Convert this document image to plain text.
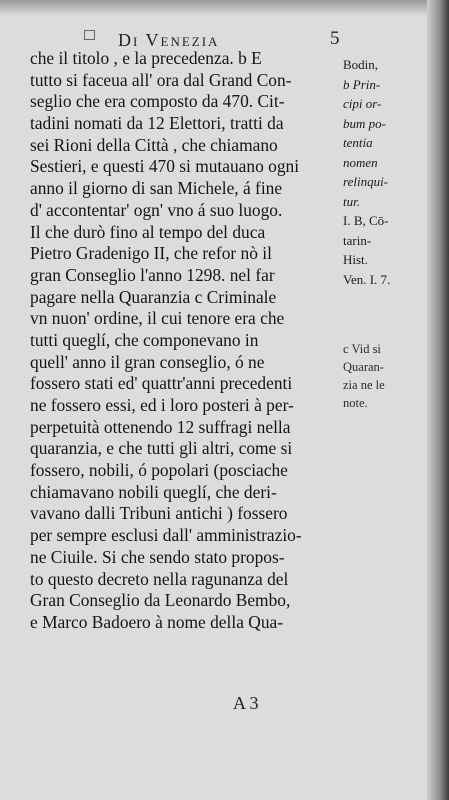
Di Venezia	5
che il titolo , e la precedenza. b E
tutto si faceua all' ora dal Grand Con-
seglio che era composto da 470. Cit-
tadini nomati da 12 Elettori, tratti da
sei Rioni della Città , che chiamano
Sestieri, e questi 470 si mutauano ogni
anno il giorno di san Michele, á fine
d' accontentar' ogn' vno á suo luogo.
Il che durò fino al tempo del duca
Pietro Gradenigo II, che refor nò il
gran Conseglio l'anno 1298. nel far
pagare nella Quaranzia c Criminale
vn nuon' ordine, il cui tenore era che
tutti queglí, che componevano in
quell' anno il gran conseglio, ó ne
fossero stati ed' quattr'anni precedenti
ne fossero essi, ed i loro posteri à per-
perpetuità ottenendo 12 suffragi nella
quaranzia, e che tutti gli altri, come si
fossero, nobili, ó popolari (posciache
chiamavano nobili queglí, che deri-
vavano dalli Tribuni antichi ) fossero
per sempre esclusi dall' amministrazio-
ne Ciuile. Si che sendo stato propos-
to questo decreto nella ragunanza del
Gran Conseglio da Leonardo Bembo,
e Marco Badoero à nome della Qua-
Bodin,
b Prin-
cipi or-
bum po-
tentia
nomen
relinqui-
tur.
I. B, Cō-
tarin-
Hist.
Ven. I. 7.
c Vid si
Quaran-
zia ne le
note.
A 3
